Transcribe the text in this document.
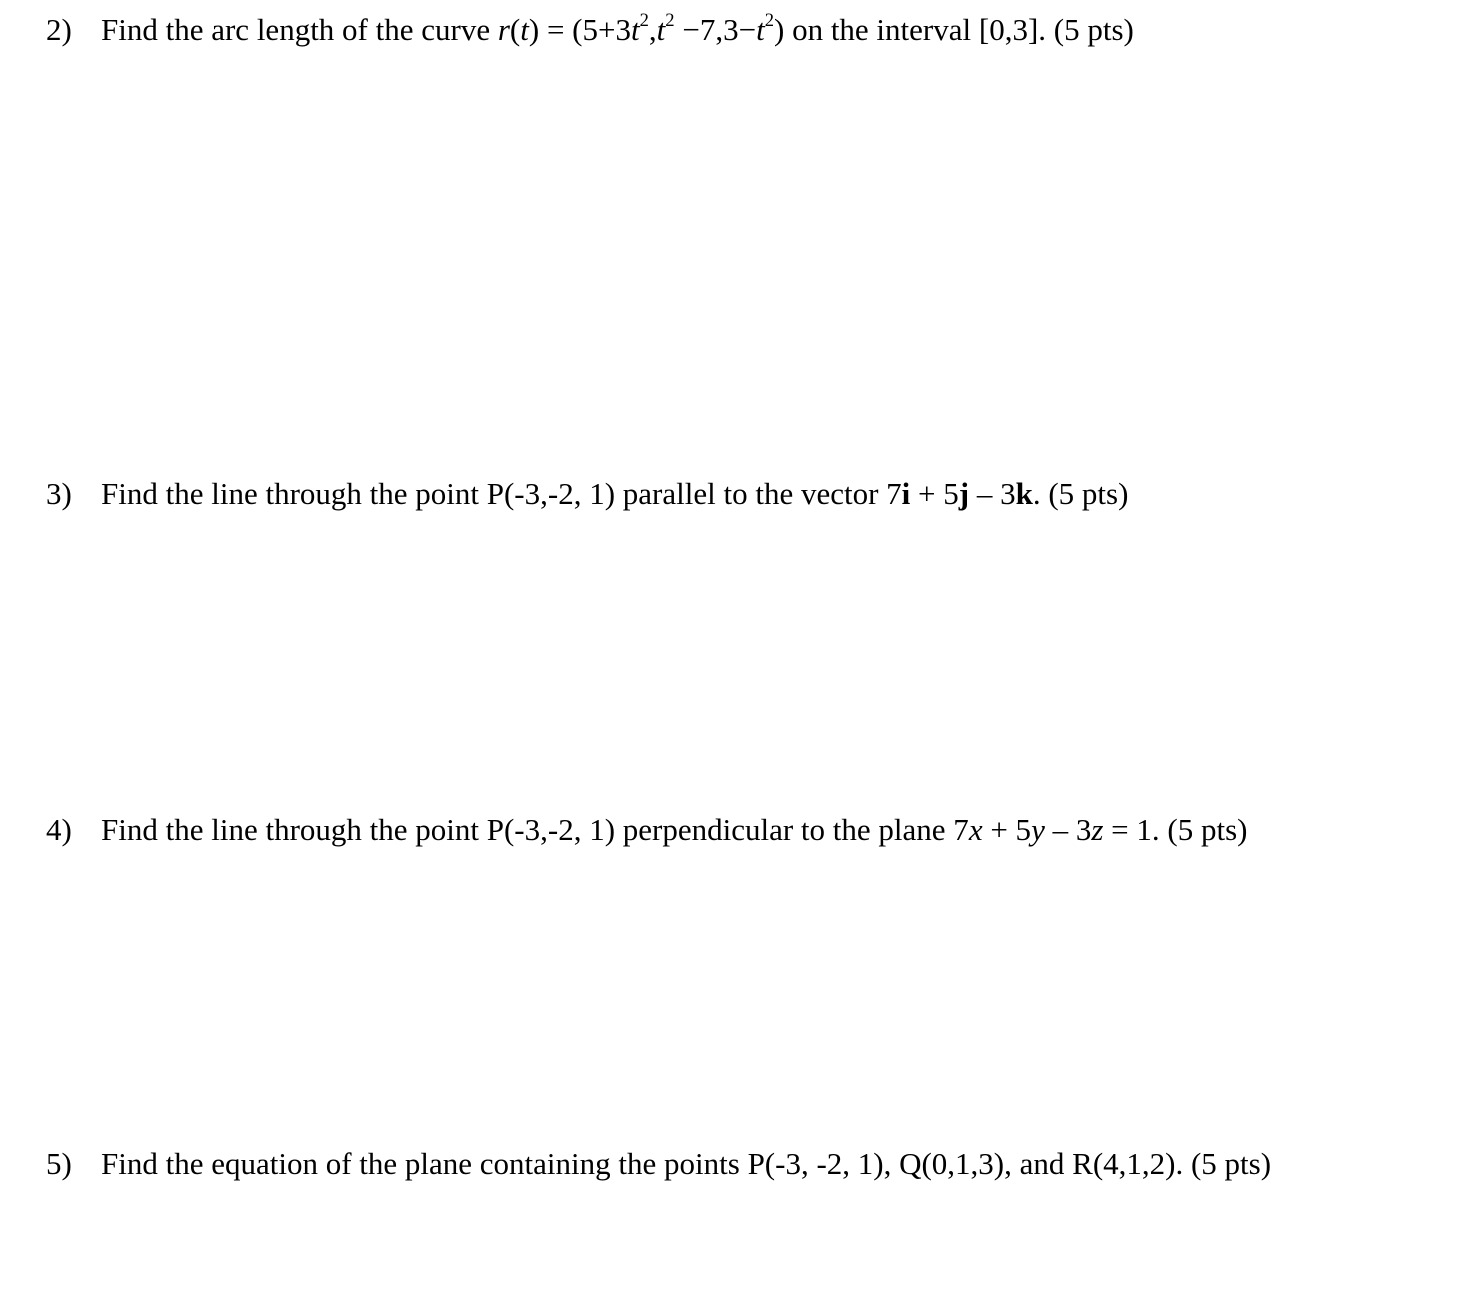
2) Find the arc length of the curve $r(t) = (5+3t^2,t^2 -7,3-t^2)$ on the interval [0,3]. (5 pts)
3) Find the line through the point P(-3,-2, 1) parallel to the vector 7i + 5j – 3k. (5 pts)
4) Find the line through the point P(-3,-2, 1) perpendicular to the plane 7x + 5y – 3z = 1. (5 pts)
5) Find the equation of the plane containing the points P(-3, -2, 1), Q(0,1,3), and R(4,1,2). (5 pts)
